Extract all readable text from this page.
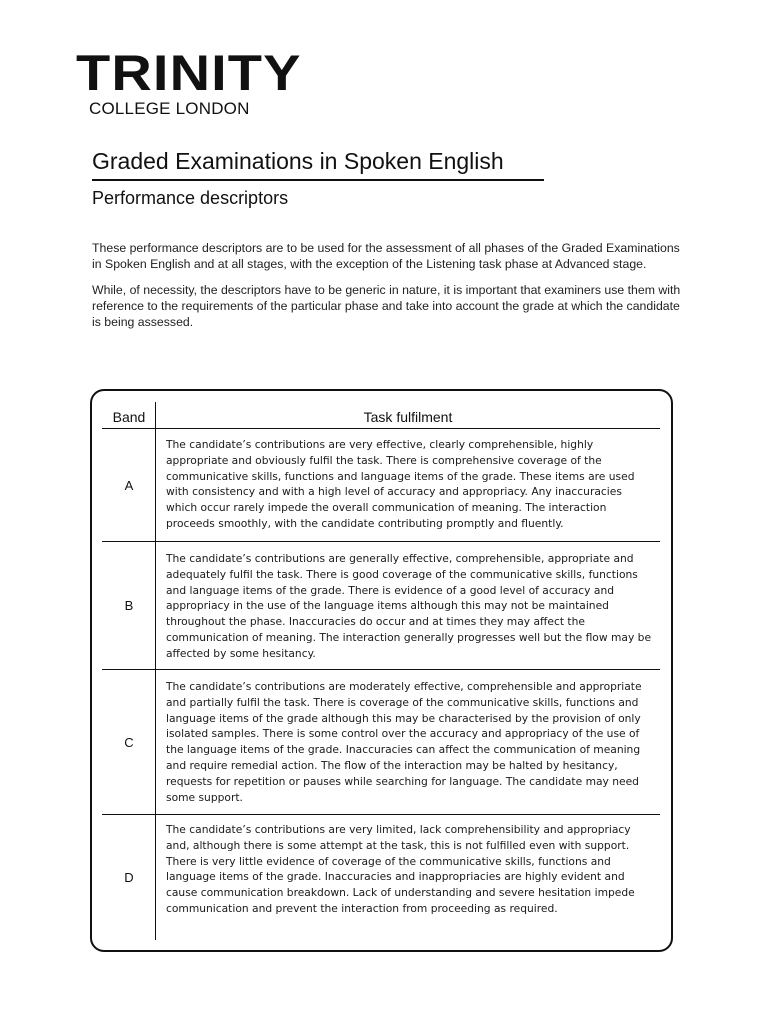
TRINITY
COLLEGE LONDON
Graded Examinations in Spoken English
Performance descriptors

These performance descriptors are to be used for the assessment of all phases of the Graded Examinations in Spoken English and at all stages, with the exception of the Listening task phase at Advanced stage.

While, of necessity, the descriptors have to be generic in nature, it is important that examiners use them with reference to the requirements of the particular phase and take into account the grade at which the candidate is being assessed.

Band	Task fulfilment
A
The candidate’s contributions are very effective, clearly comprehensible, highly appropriate and obviously fulfil the task. There is comprehensive coverage of the communicative skills, functions and language items of the grade. These items are used with consistency and with a high level of accuracy and appropriacy. Any inaccuracies which occur rarely impede the overall communication of meaning. The interaction proceeds smoothly, with the candidate contributing promptly and fluently.
B
The candidate’s contributions are generally effective, comprehensible, appropriate and adequately fulfil the task. There is good coverage of the communicative skills, functions and language items of the grade. There is evidence of a good level of accuracy and appropriacy in the use of the language items although this may not be maintained throughout the phase. Inaccuracies do occur and at times they may affect the communication of meaning. The interaction generally progresses well but the flow may be affected by some hesitancy.
C
The candidate’s contributions are moderately effective, comprehensible and appropriate and partially fulfil the task. There is coverage of the communicative skills, functions and language items of the grade although this may be characterised by the provision of only isolated samples. There is some control over the accuracy and appropriacy of the use of the language items of the grade. Inaccuracies can affect the communication of meaning and require remedial action. The flow of the interaction may be halted by hesitancy, requests for repetition or pauses while searching for language. The candidate may need some support.
D
The candidate’s contributions are very limited, lack comprehensibility and appropriacy and, although there is some attempt at the task, this is not fulfilled even with support. There is very little evidence of coverage of the communicative skills, functions and language items of the grade. Inaccuracies and inappropriacies are highly evident and cause communication breakdown. Lack of understanding and severe hesitation impede communication and prevent the interaction from proceeding as required.
